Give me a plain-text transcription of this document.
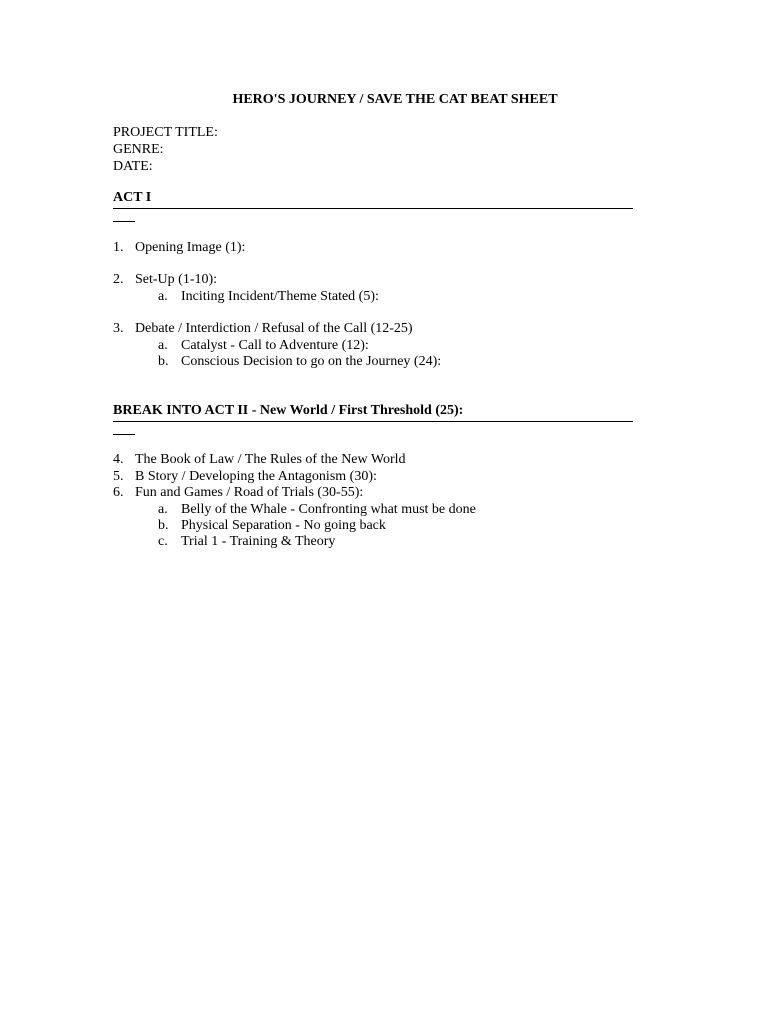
HERO'S JOURNEY / SAVE THE CAT BEAT SHEET
PROJECT TITLE:
GENRE:
DATE:
ACT I
1. Opening Image (1):
2. Set-Up (1-10):
a. Inciting Incident/Theme Stated (5):
3. Debate / Interdiction / Refusal of the Call (12-25)
a. Catalyst - Call to Adventure (12):
b. Conscious Decision to go on the Journey (24):
BREAK INTO ACT II - New World / First Threshold (25):
4. The Book of Law / The Rules of the New World
5. B Story / Developing the Antagonism (30):
6. Fun and Games / Road of Trials (30-55):
a. Belly of the Whale - Confronting what must be done
b. Physical Separation - No going back
c. Trial 1 - Training & Theory
